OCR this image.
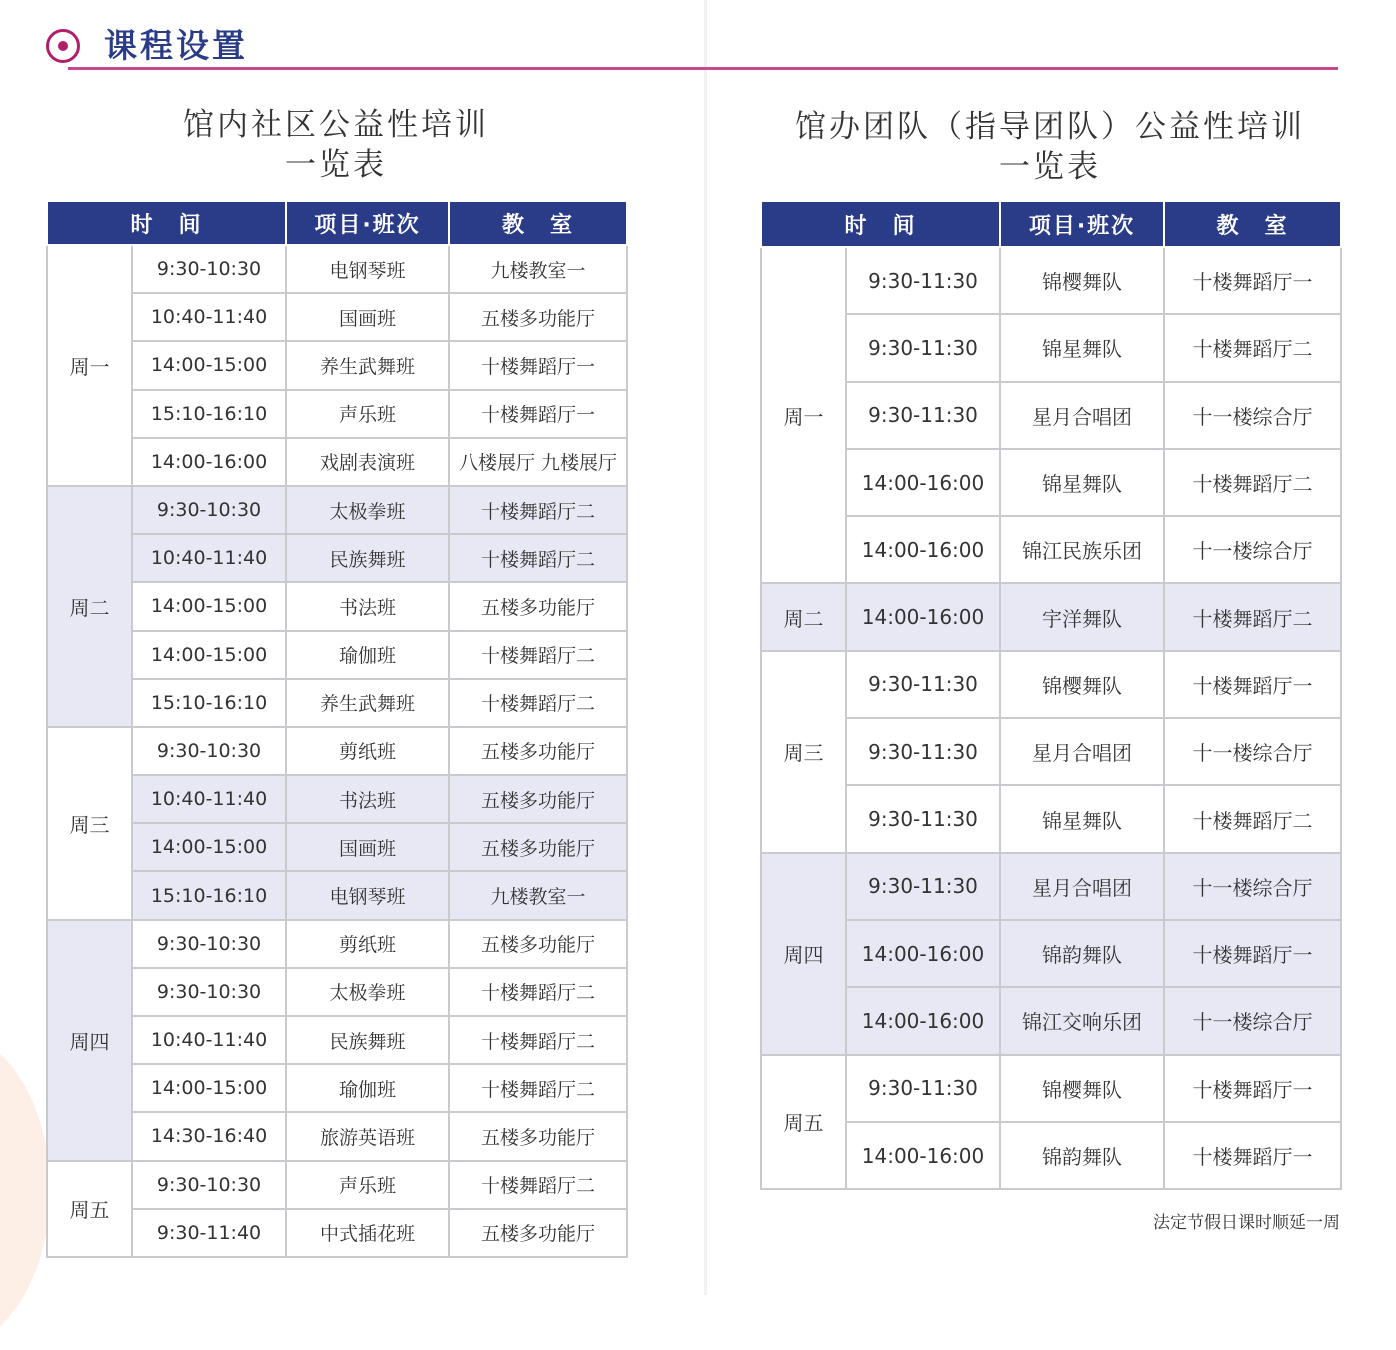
课程设置
馆内社区公益性培训
一览表
时　间		项目·班次	教　室
周一	9:30-10:30	电钢琴班	九楼教室一
	10:40-11:40	国画班	五楼多功能厅
	14:00-15:00	养生武舞班	十楼舞蹈厅一
	15:10-16:10	声乐班	十楼舞蹈厅一
	14:00-16:00	戏剧表演班	八楼展厅 九楼展厅
周二	9:30-10:30	太极拳班	十楼舞蹈厅二
	10:40-11:40	民族舞班	十楼舞蹈厅二
	14:00-15:00	书法班	五楼多功能厅
	14:00-15:00	瑜伽班	十楼舞蹈厅二
	15:10-16:10	养生武舞班	十楼舞蹈厅二
周三	9:30-10:30	剪纸班	五楼多功能厅
	10:40-11:40	书法班	五楼多功能厅
	14:00-15:00	国画班	五楼多功能厅
	15:10-16:10	电钢琴班	九楼教室一
周四	9:30-10:30	剪纸班	五楼多功能厅
	9:30-10:30	太极拳班	十楼舞蹈厅二
	10:40-11:40	民族舞班	十楼舞蹈厅二
	14:00-15:00	瑜伽班	十楼舞蹈厅二
	14:30-16:40	旅游英语班	五楼多功能厅
周五	9:30-10:30	声乐班	十楼舞蹈厅二
	9:30-11:40	中式插花班	五楼多功能厅
馆办团队（指导团队）公益性培训
一览表
时　间		项目·班次	教　室
周一	9:30-11:30	锦樱舞队	十楼舞蹈厅一
	9:30-11:30	锦星舞队	十楼舞蹈厅二
	9:30-11:30	星月合唱团	十一楼综合厅
	14:00-16:00	锦星舞队	十楼舞蹈厅二
	14:00-16:00	锦江民族乐团	十一楼综合厅
周二	14:00-16:00	宇洋舞队	十楼舞蹈厅二
周三	9:30-11:30	锦樱舞队	十楼舞蹈厅一
	9:30-11:30	星月合唱团	十一楼综合厅
	9:30-11:30	锦星舞队	十楼舞蹈厅二
周四	9:30-11:30	星月合唱团	十一楼综合厅
	14:00-16:00	锦韵舞队	十楼舞蹈厅一
	14:00-16:00	锦江交响乐团	十一楼综合厅
周五	9:30-11:30	锦樱舞队	十楼舞蹈厅一
	14:00-16:00	锦韵舞队	十楼舞蹈厅一
法定节假日课时顺延一周
